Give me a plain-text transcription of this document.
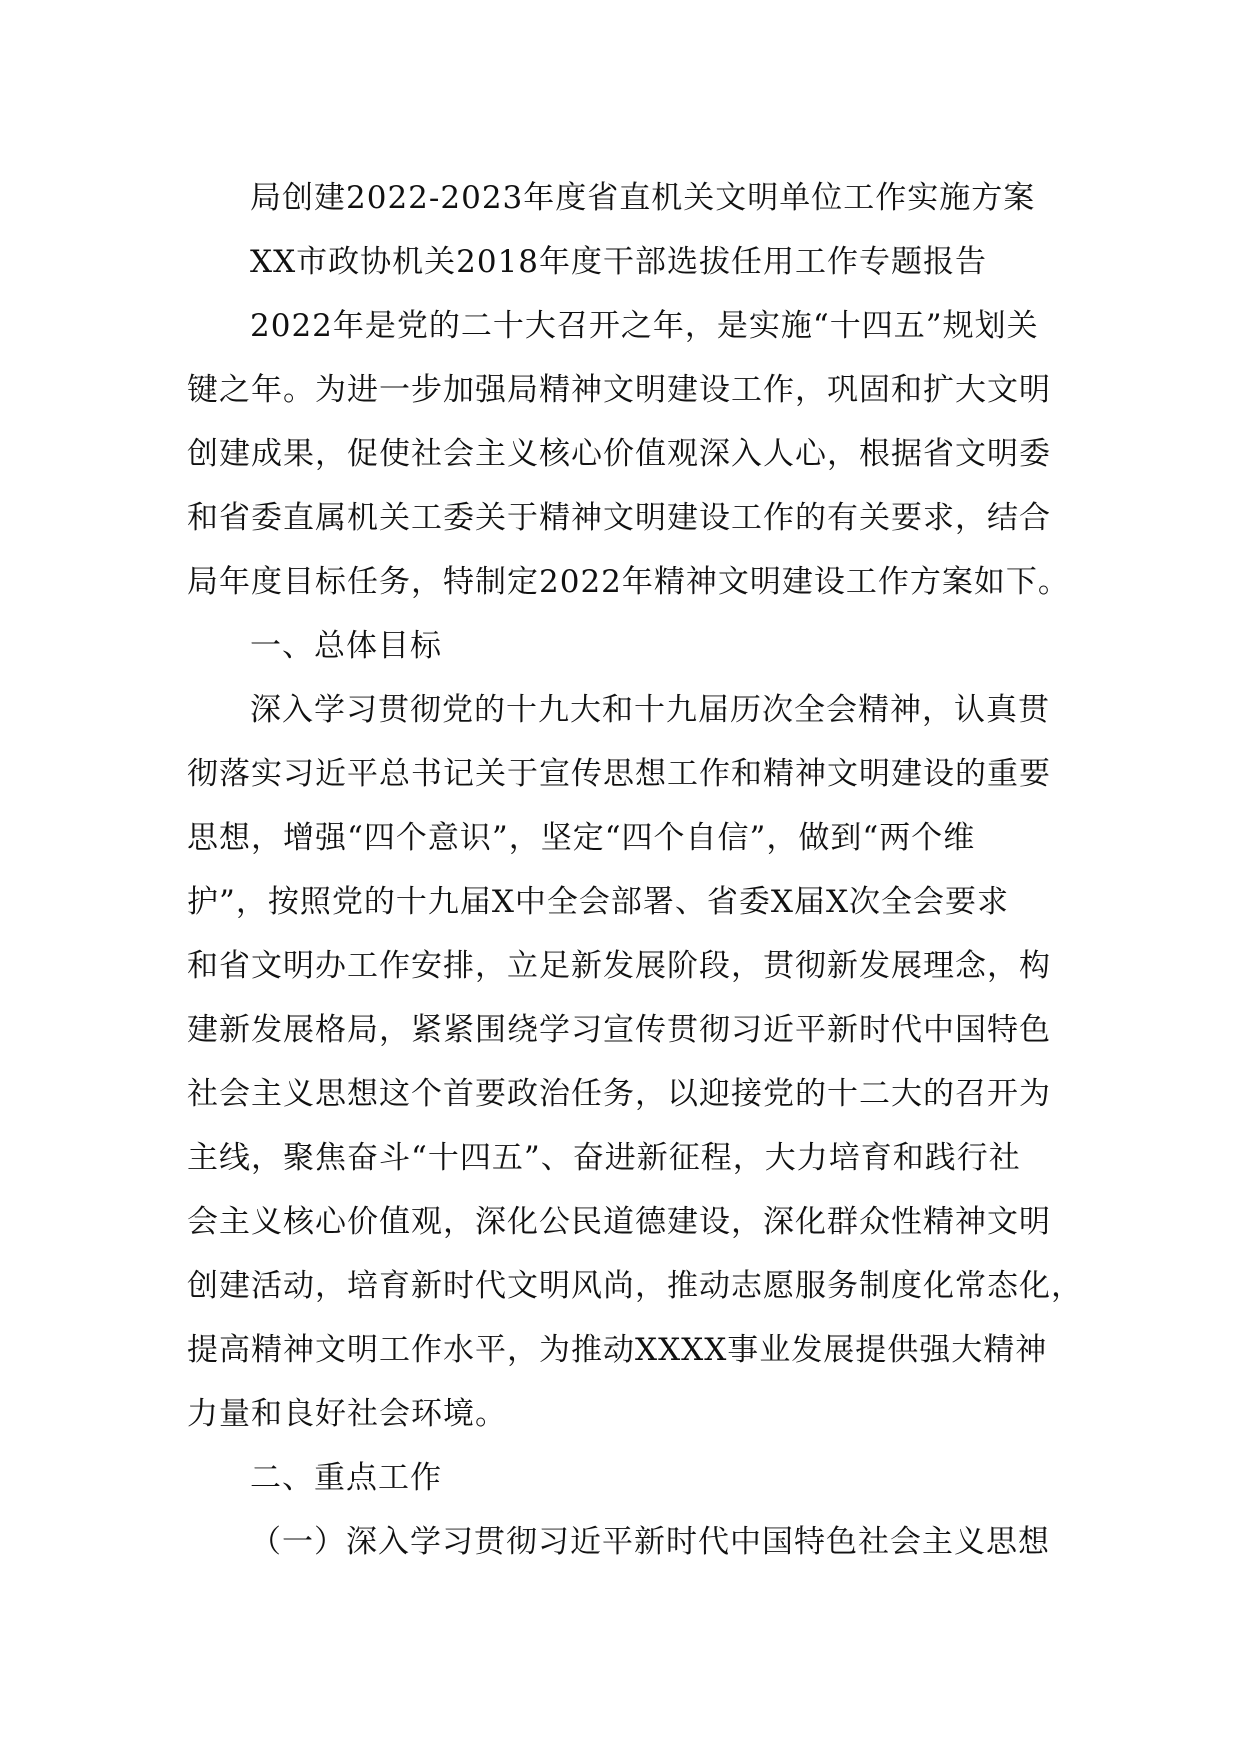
局创建2022-2023年度省直机关文明单位工作实施方案
XX市政协机关2018年度干部选拔任用工作专题报告
2022年是党的二十大召开之年，是实施“十四五”规划关
键之年。为进一步加强局精神文明建设工作，巩固和扩大文明
创建成果，促使社会主义核心价值观深入人心，根据省文明委
和省委直属机关工委关于精神文明建设工作的有关要求，结合
局年度目标任务，特制定2022年精神文明建设工作方案如下。
一、总体目标
深入学习贯彻党的十九大和十九届历次全会精神，认真贯
彻落实习近平总书记关于宣传思想工作和精神文明建设的重要
思想，增强“四个意识”，坚定“四个自信”，做到“两个维
护”，按照党的十九届X中全会部署、省委X届X次全会要求
和省文明办工作安排，立足新发展阶段，贯彻新发展理念，构
建新发展格局，紧紧围绕学习宣传贯彻习近平新时代中国特色
社会主义思想这个首要政治任务，以迎接党的十二大的召开为
主线，聚焦奋斗“十四五”、奋进新征程，大力培育和践行社
会主义核心价值观，深化公民道德建设，深化群众性精神文明
创建活动，培育新时代文明风尚，推动志愿服务制度化常态化，
提高精神文明工作水平，为推动XXXX事业发展提供强大精神
力量和良好社会环境。
二、重点工作
（一）深入学习贯彻习近平新时代中国特色社会主义思想
